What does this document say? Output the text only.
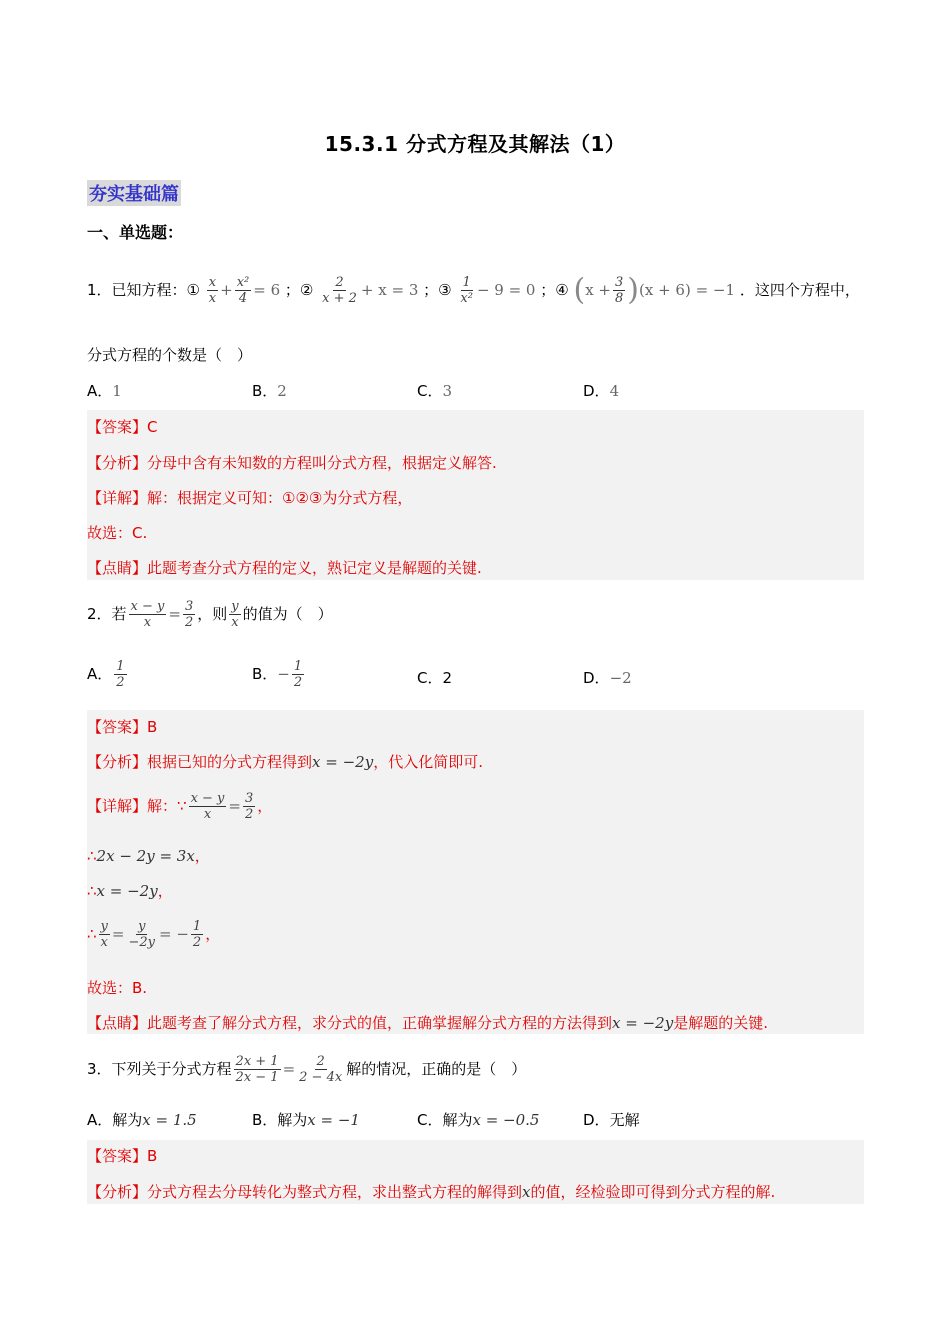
15.3.1 分式方程及其解法（1）
夯实基础篇
一、单选题：
1．已知方程：① $\frac{x}{x} + \frac{\text{x²}}{4} = 6$ ；② $\frac{2}{x + 2} + x = 3$ ；③ $\frac{1}{\text{x²}} - 9 = 0$ ；④ $(x + \frac{3}{8} )(x + 6) = -1$ ．这四个方程中，
分式方程的个数是（　）
A．1	B．2	C．3	D．4
【答案】C
【分析】分母中含有未知数的方程叫分式方程，根据定义解答.
【详解】解：根据定义可知：①②③为分式方程，
故选：C.
【点睛】此题考查分式方程的定义，熟记定义是解题的关键.
2．若 $\frac{x - y}{x} = \frac{3}{2}$ ，则 $\frac{y}{x}$ 的值为（　）
A． $\frac{1}{2}$	B．− $\frac{1}{2}$	C．2	D．−2
【答案】B
【分析】根据已知的分式方程得到x = −2y，代入化简即可.
【详解】解：∵ $\frac{x - y}{x} = \frac{3}{2}$ ，
∴2x − 2y = 3x，
∴x = −2y，
∴ $\frac{y}{x} = \frac{y}{-2y}$ = − $\frac{1}{2}$ ，
故选：B.
【点睛】此题考查了解分式方程，求分式的值，正确掌握解分式方程的方法得到x = −2y是解题的关键.
3．下列关于分式方程 $\frac{2x + 1}{2x - 1} = \frac{2}{2 - 4x}$ 解的情况，正确的是（　）
A．解为x = 1.5	B．解为x = −1	C．解为x = −0.5	D．无解
【答案】B
【分析】分式方程去分母转化为整式方程，求出整式方程的解得到x的值，经检验即可得到分式方程的解.
